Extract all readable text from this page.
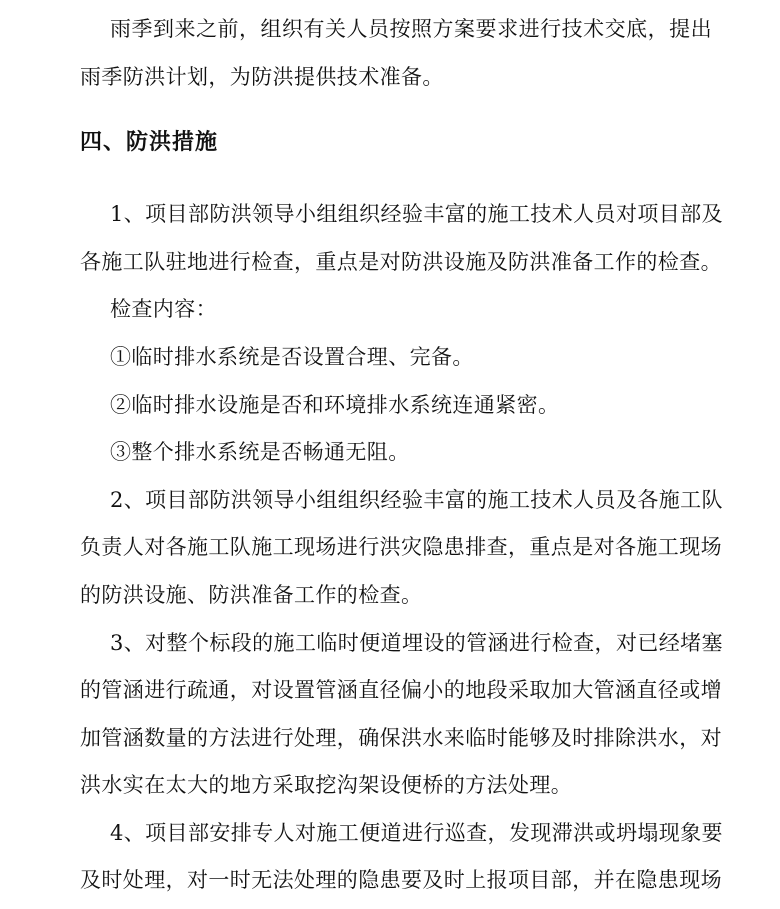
雨季到来之前，组织有关人员按照方案要求进行技术交底，提出
雨季防洪计划，为防洪提供技术准备。
四、防洪措施
1、项目部防洪领导小组组织经验丰富的施工技术人员对项目部及
各施工队驻地进行检查，重点是对防洪设施及防洪准备工作的检查。
检查内容：
①临时排水系统是否设置合理、完备。
②临时排水设施是否和环境排水系统连通紧密。
③整个排水系统是否畅通无阻。
2、项目部防洪领导小组组织经验丰富的施工技术人员及各施工队
负责人对各施工队施工现场进行洪灾隐患排查，重点是对各施工现场
的防洪设施、防洪准备工作的检查。
3、对整个标段的施工临时便道埋设的管涵进行检查，对已经堵塞
的管涵进行疏通，对设置管涵直径偏小的地段采取加大管涵直径或增
加管涵数量的方法进行处理，确保洪水来临时能够及时排除洪水，对
洪水实在太大的地方采取挖沟架设便桥的方法处理。
4、项目部安排专人对施工便道进行巡查，发现滞洪或坍塌现象要
及时处理，对一时无法处理的隐患要及时上报项目部，并在隐患现场
